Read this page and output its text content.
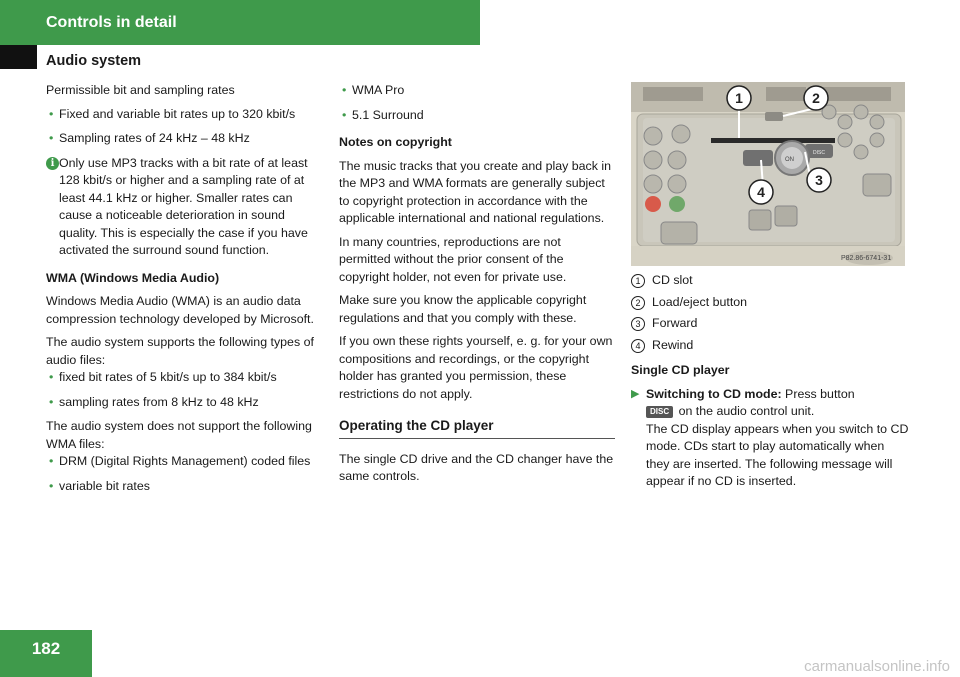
Controls in detail
Audio system

Permissible bit and sampling rates

• Fixed and variable bit rates up to 320 kbit/s
• Sampling rates of 24 kHz – 48 kHz
i Only use MP3 tracks with a bit rate of at least 128 kbit/s or higher and a sampling rate of at least 44.1 kHz or higher. Smaller rates can cause a noticeable deterioration in sound quality. This is especially the case if you have activated the surround sound function.

WMA (Windows Media Audio)

Windows Media Audio (WMA) is an audio data compression technology developed by Microsoft.

The audio system supports the following types of audio files:

• fixed bit rates of 5 kbit/s up to 384 kbit/s
• sampling rates from 8 kHz to 48 kHz

The audio system does not support the following WMA files:

• DRM (Digital Rights Management) coded files
• variable bit rates
• WMA Pro
• 5.1 Surround

Notes on copyright

The music tracks that you create and play back in the MP3 and WMA formats are generally subject to copyright protection in accordance with the applicable international and national regulations.

In many countries, reproductions are not permitted without the prior consent of the copyright holder, not even for private use.

Make sure you know the applicable copyright regulations and that you comply with these.

If you own these rights yourself, e. g. for your own compositions and recordings, or the copyright holder has granted you permission, these restrictions do not apply.

Operating the CD player

The single CD drive and the CD changer have the same controls.

ON
DISC
1	2
3
4
P82.86-6741-31
1 CD slot
2 Load/eject button
3 Forward
4 Rewind

Single CD player

▶ Switching to CD mode: Press button
DISC on the audio control unit.
The CD display appears when you switch to CD mode. CDs start to play automatically when they are inserted. The following message will appear if no CD is inserted.
182
carmanualsonline.info
